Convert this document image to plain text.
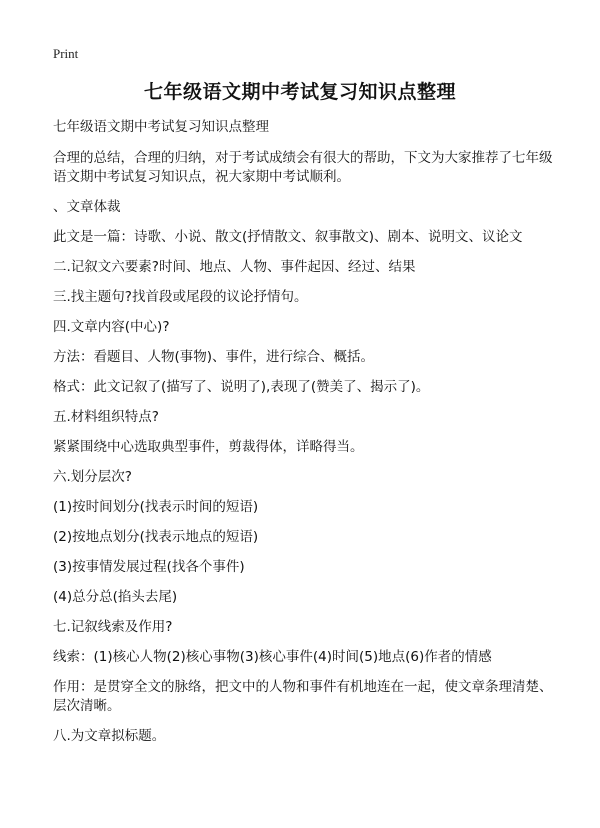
Print
七年级语文期中考试复习知识点整理

七年级语文期中考试复习知识点整理

合理的总结，合理的归纳，对于考试成绩会有很大的帮助，下文为大家推荐了七年级语文期中考试复习知识点，祝大家期中考试顺利。

、文章体裁

此文是一篇：诗歌、小说、散文(抒情散文、叙事散文)、剧本、说明文、议论文

二.记叙文六要素?时间、地点、人物、事件起因、经过、结果

三.找主题句?找首段或尾段的议论抒情句。

四.文章内容(中心)?

方法：看题目、人物(事物)、事件，进行综合、概括。

格式：此文记叙了(描写了、说明了),表现了(赞美了、揭示了)。

五.材料组织特点?

紧紧围绕中心选取典型事件，剪裁得体，详略得当。

六.划分层次?

(1)按时间划分(找表示时间的短语)

(2)按地点划分(找表示地点的短语)

(3)按事情发展过程(找各个事件)

(4)总分总(掐头去尾)

七.记叙线索及作用?

线索：(1)核心人物(2)核心事物(3)核心事件(4)时间(5)地点(6)作者的情感

作用：是贯穿全文的脉络，把文中的人物和事件有机地连在一起，使文章条理清楚、层次清晰。

八.为文章拟标题。
